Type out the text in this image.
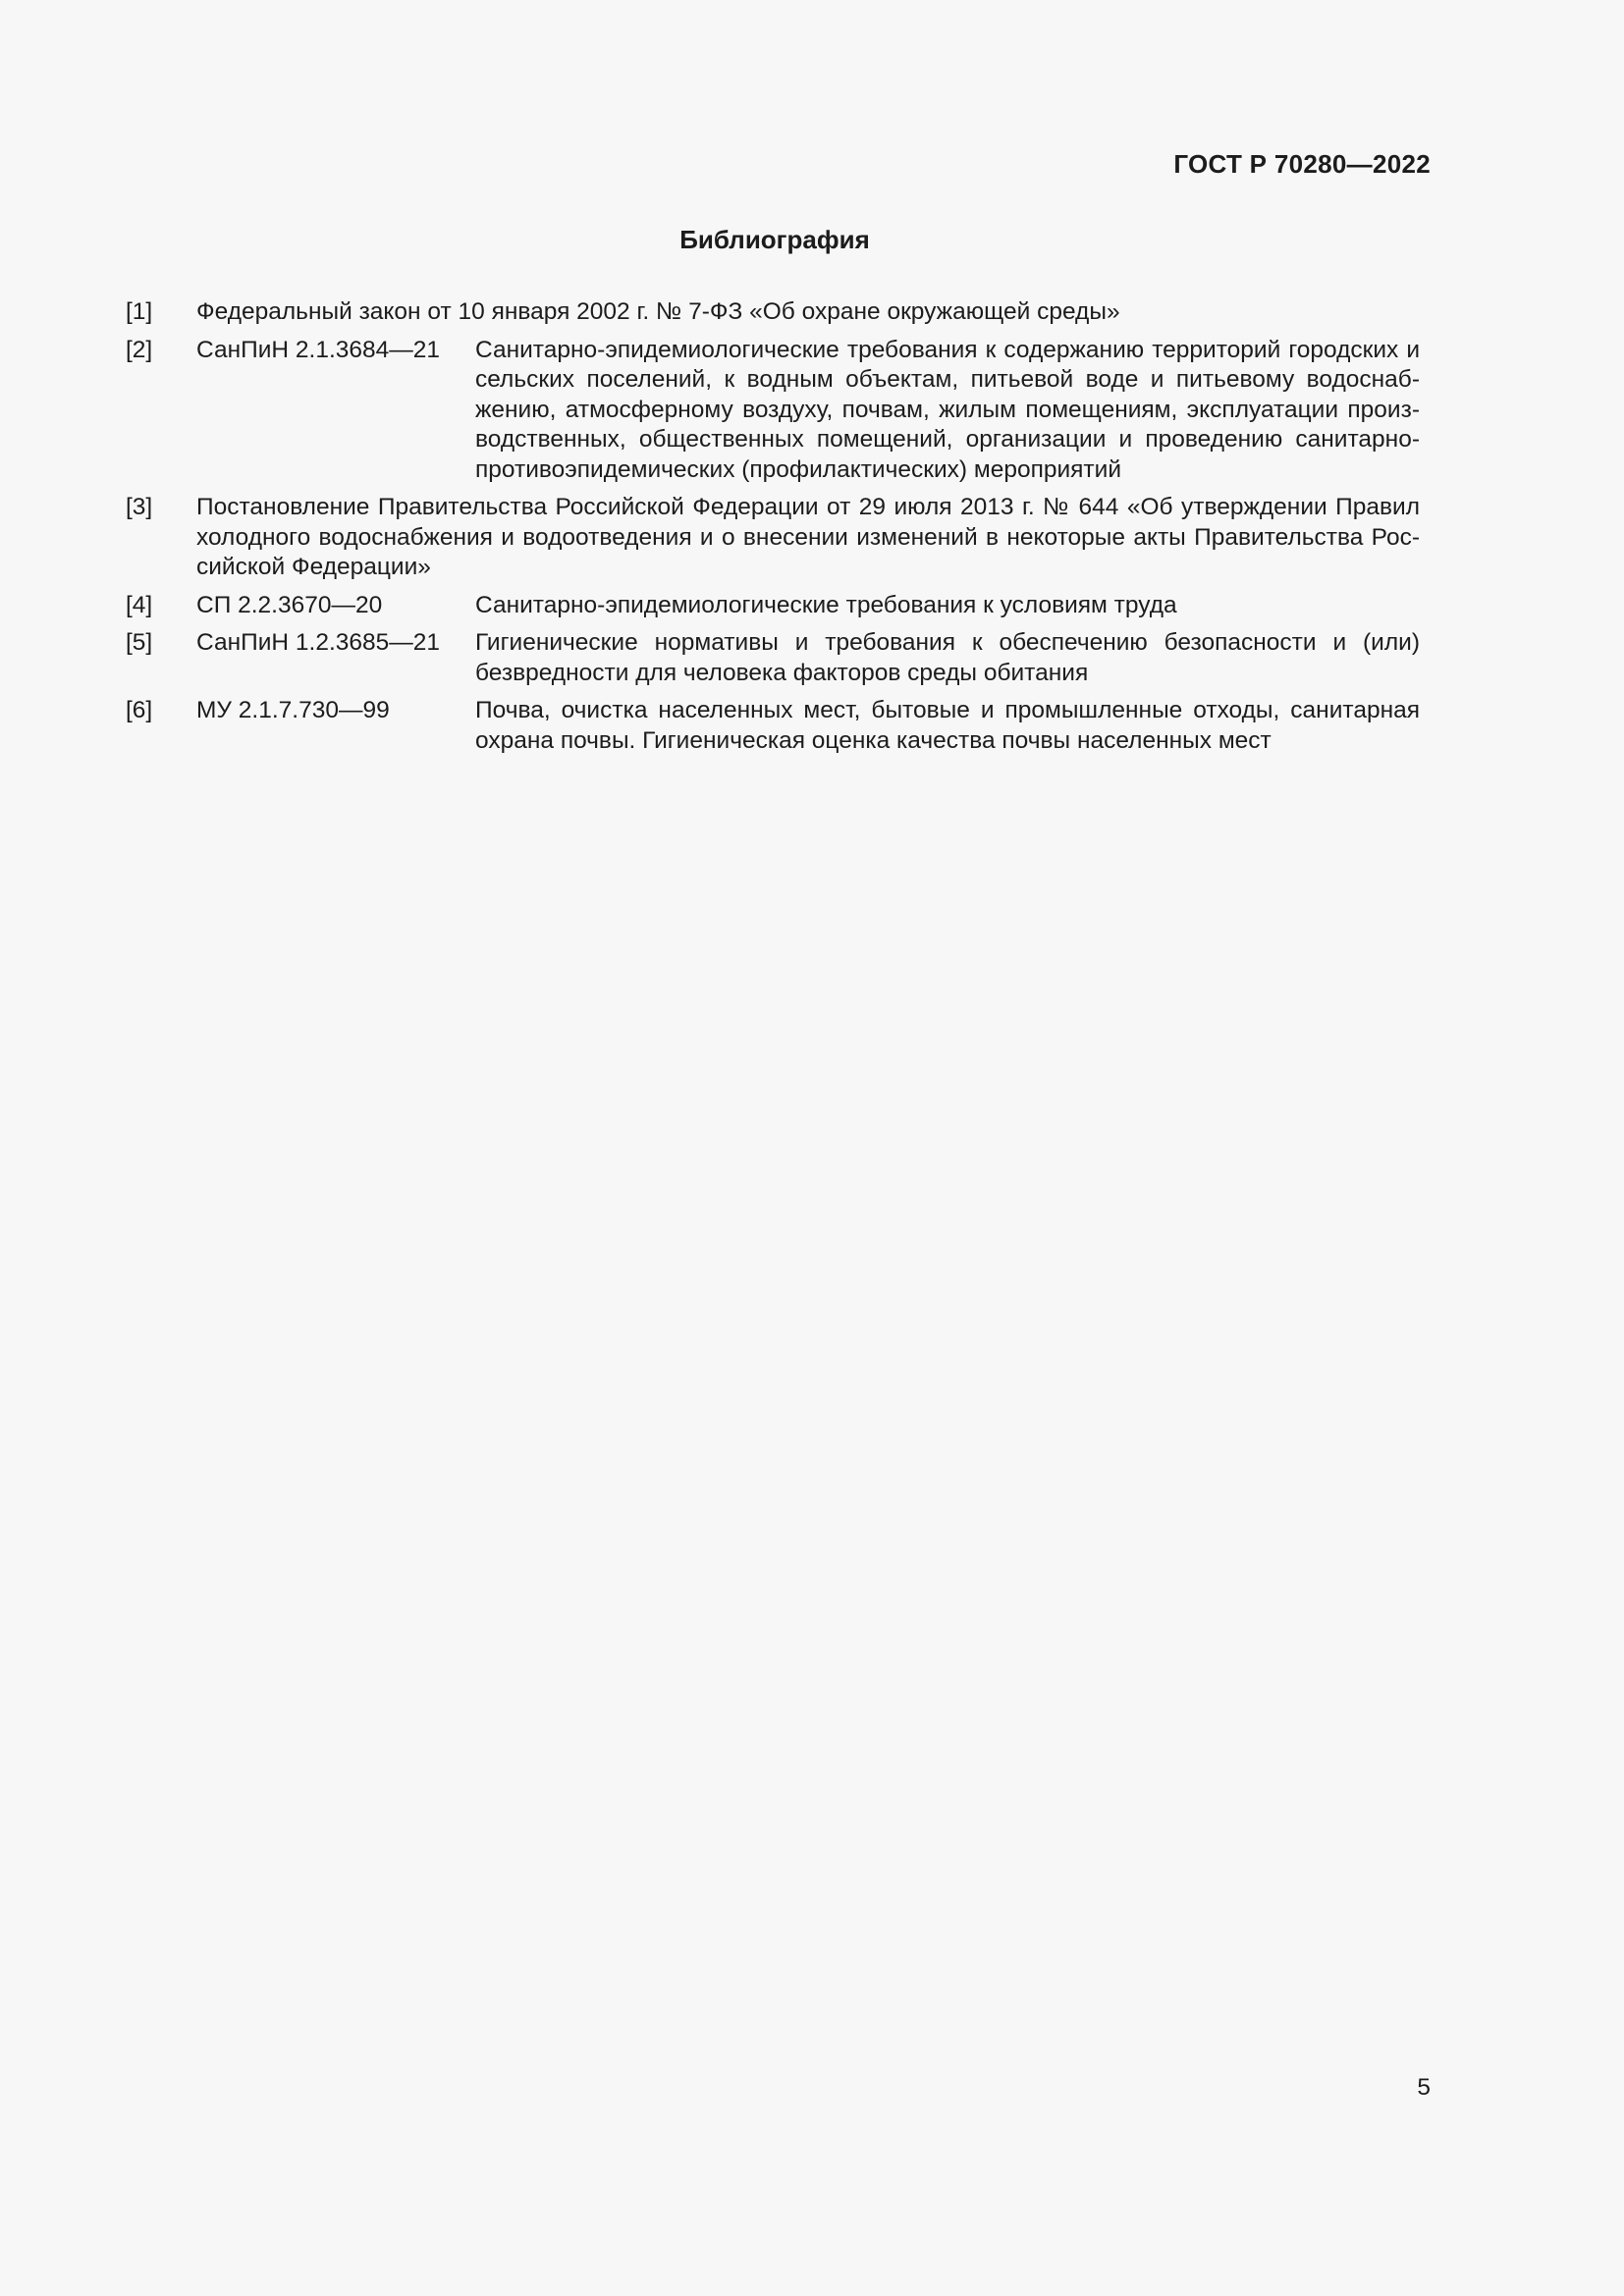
ГОСТ Р 70280—2022
Библиография
[1] Федеральный закон от 10 января 2002 г. № 7-ФЗ «Об охране окружающей среды»
[2] СанПиН 2.1.3684—21 Санитарно-эпидемиологические требования к содержанию территорий городских и сельских поселений, к водным объектам, питьевой воде и питьевому водоснабжению, атмосферному воздуху, почвам, жилым помещениям, эксплуатации производственных, общественных помещений, организации и проведению санитарно-противоэпидемических (профилактических) мероприятий
[3] Постановление Правительства Российской Федерации от 29 июля 2013 г. № 644 «Об утверждении Правил холодного водоснабжения и водоотведения и о внесении изменений в некоторые акты Правительства Российской Федерации»
[4] СП 2.2.3670—20	Санитарно-эпидемиологические требования к условиям труда
[5] СанПиН 1.2.3685—21 Гигиенические нормативы и требования к обеспечению безопасности и (или) безвредности для человека факторов среды обитания
[6] МУ 2.1.7.730—99	Почва, очистка населенных мест, бытовые и промышленные отходы, санитарная охрана почвы. Гигиеническая оценка качества почвы населенных мест
5
